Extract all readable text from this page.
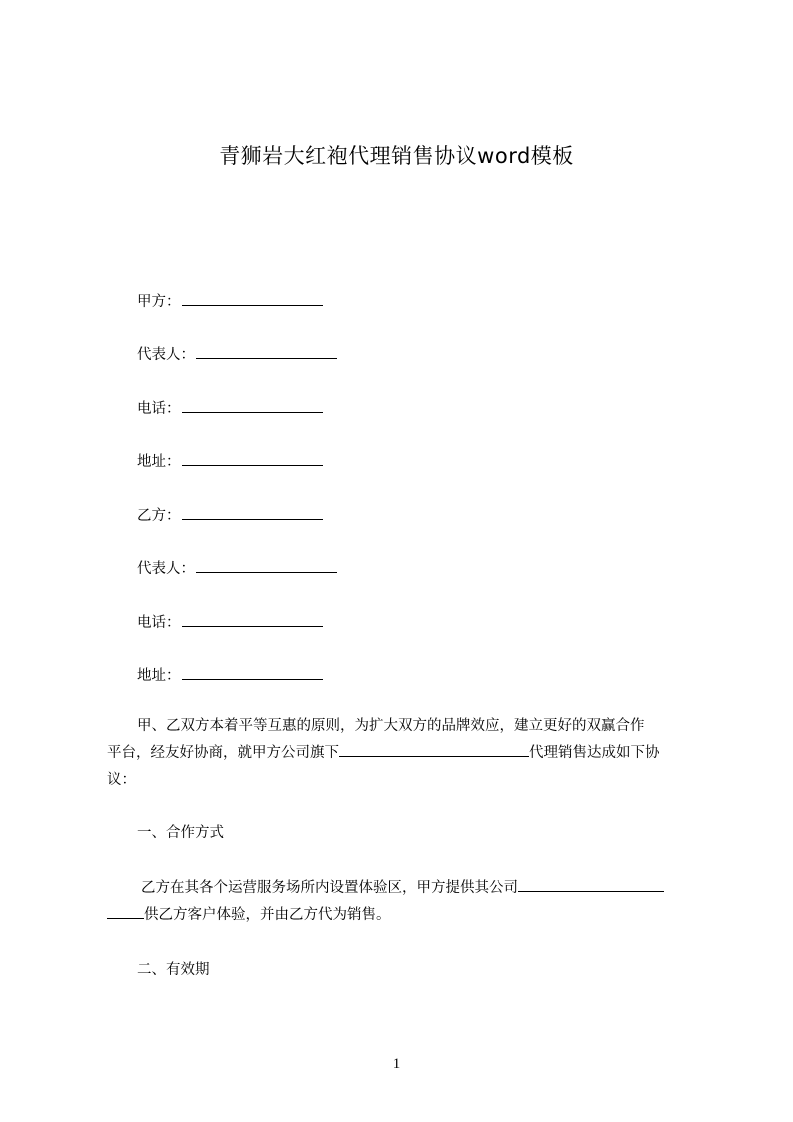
青狮岩大红袍代理销售协议word模板
甲方：
代表人：
电话：
地址：
乙方：
代表人：
电话：
地址：
甲、乙双方本着平等互惠的原则，为扩大双方的品牌效应，建立更好的双赢合作
平台，经友好协商，就甲方公司旗下	代理销售达成如下协
议：
一、合作方式
乙方在其各个运营服务场所内设置体验区，甲方提供其公司
供乙方客户体验，并由乙方代为销售。
二、有效期
1
